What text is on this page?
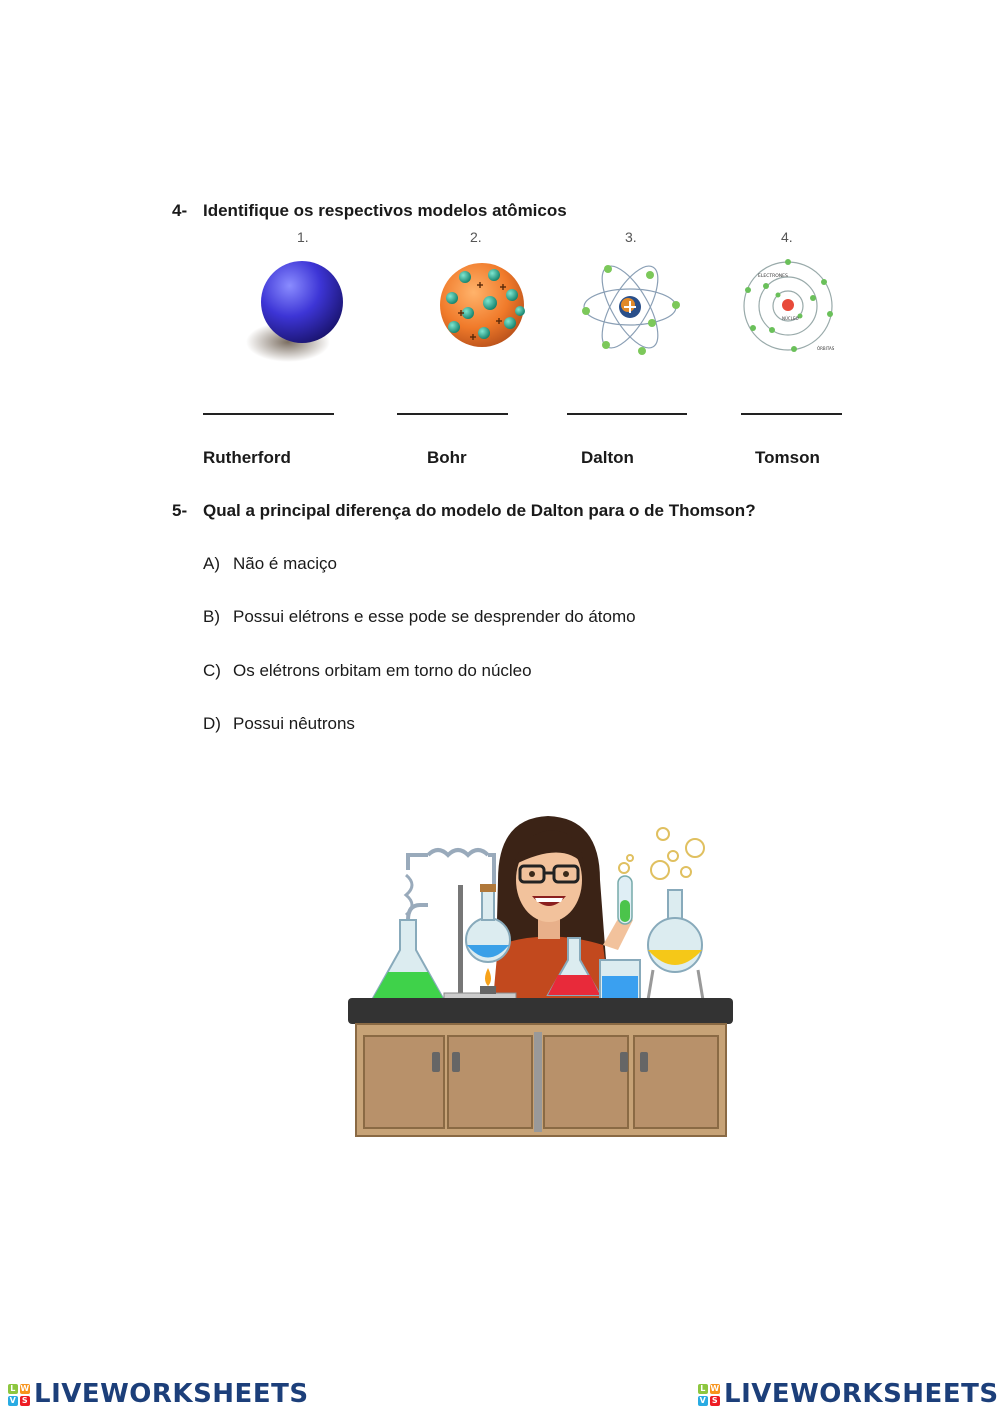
4- Identifique os respectivos modelos atômicos
1.	2.	3.	4.
ELECTRONES
NÚCLEO
ÓRBITAS
Rutherford	Bohr	Dalton	Tomson
5- Qual a principal diferença do modelo de Dalton para o de Thomson?
A) Não é maciço
B) Possui elétrons e esse pode se desprender do átomo
C) Os elétrons orbitam em torno do núcleo
D) Possui nêutrons
L W
V S LIVEWORKSHEETS	L W
V S LIVEWORKSHEETS
